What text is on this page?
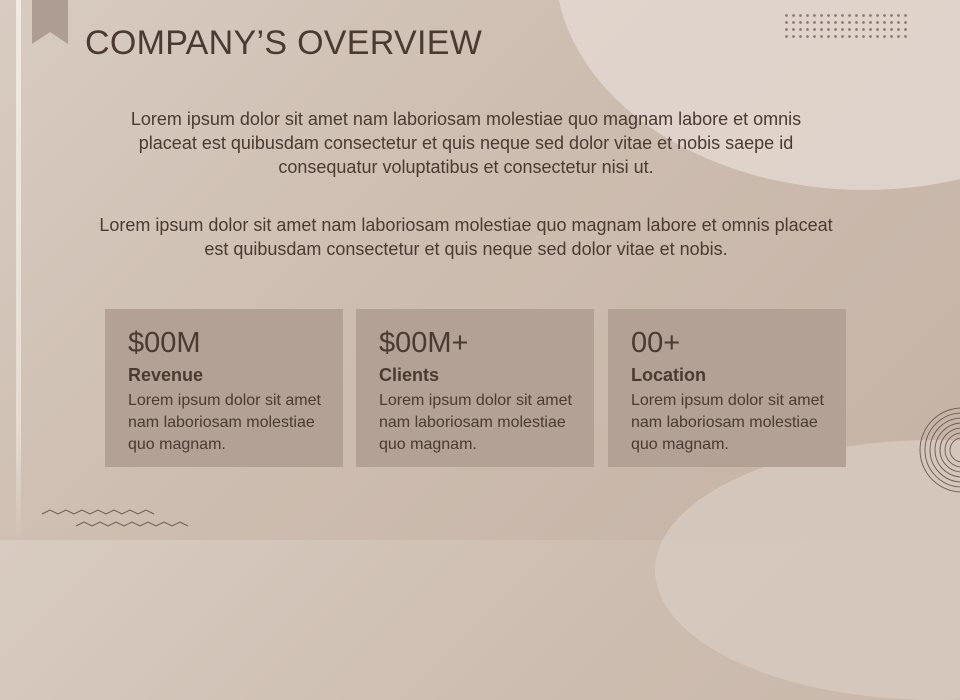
COMPANY’S OVERVIEW

Lorem ipsum dolor sit amet nam laboriosam molestiae quo magnam labore et omnis placeat est quibusdam consectetur et quis neque sed dolor vitae et nobis saepe id consequatur voluptatibus et consectetur nisi ut.

Lorem ipsum dolor sit amet nam laboriosam molestiae quo magnam labore et omnis placeat est quibusdam consectetur et quis neque sed dolor vitae et nobis.

$00M

Revenue

Lorem ipsum dolor sit amet nam laboriosam molestiae quo magnam.

$00M+

Clients

Lorem ipsum dolor sit amet nam laboriosam molestiae quo magnam.

00+

Location

Lorem ipsum dolor sit amet nam laboriosam molestiae quo magnam.
